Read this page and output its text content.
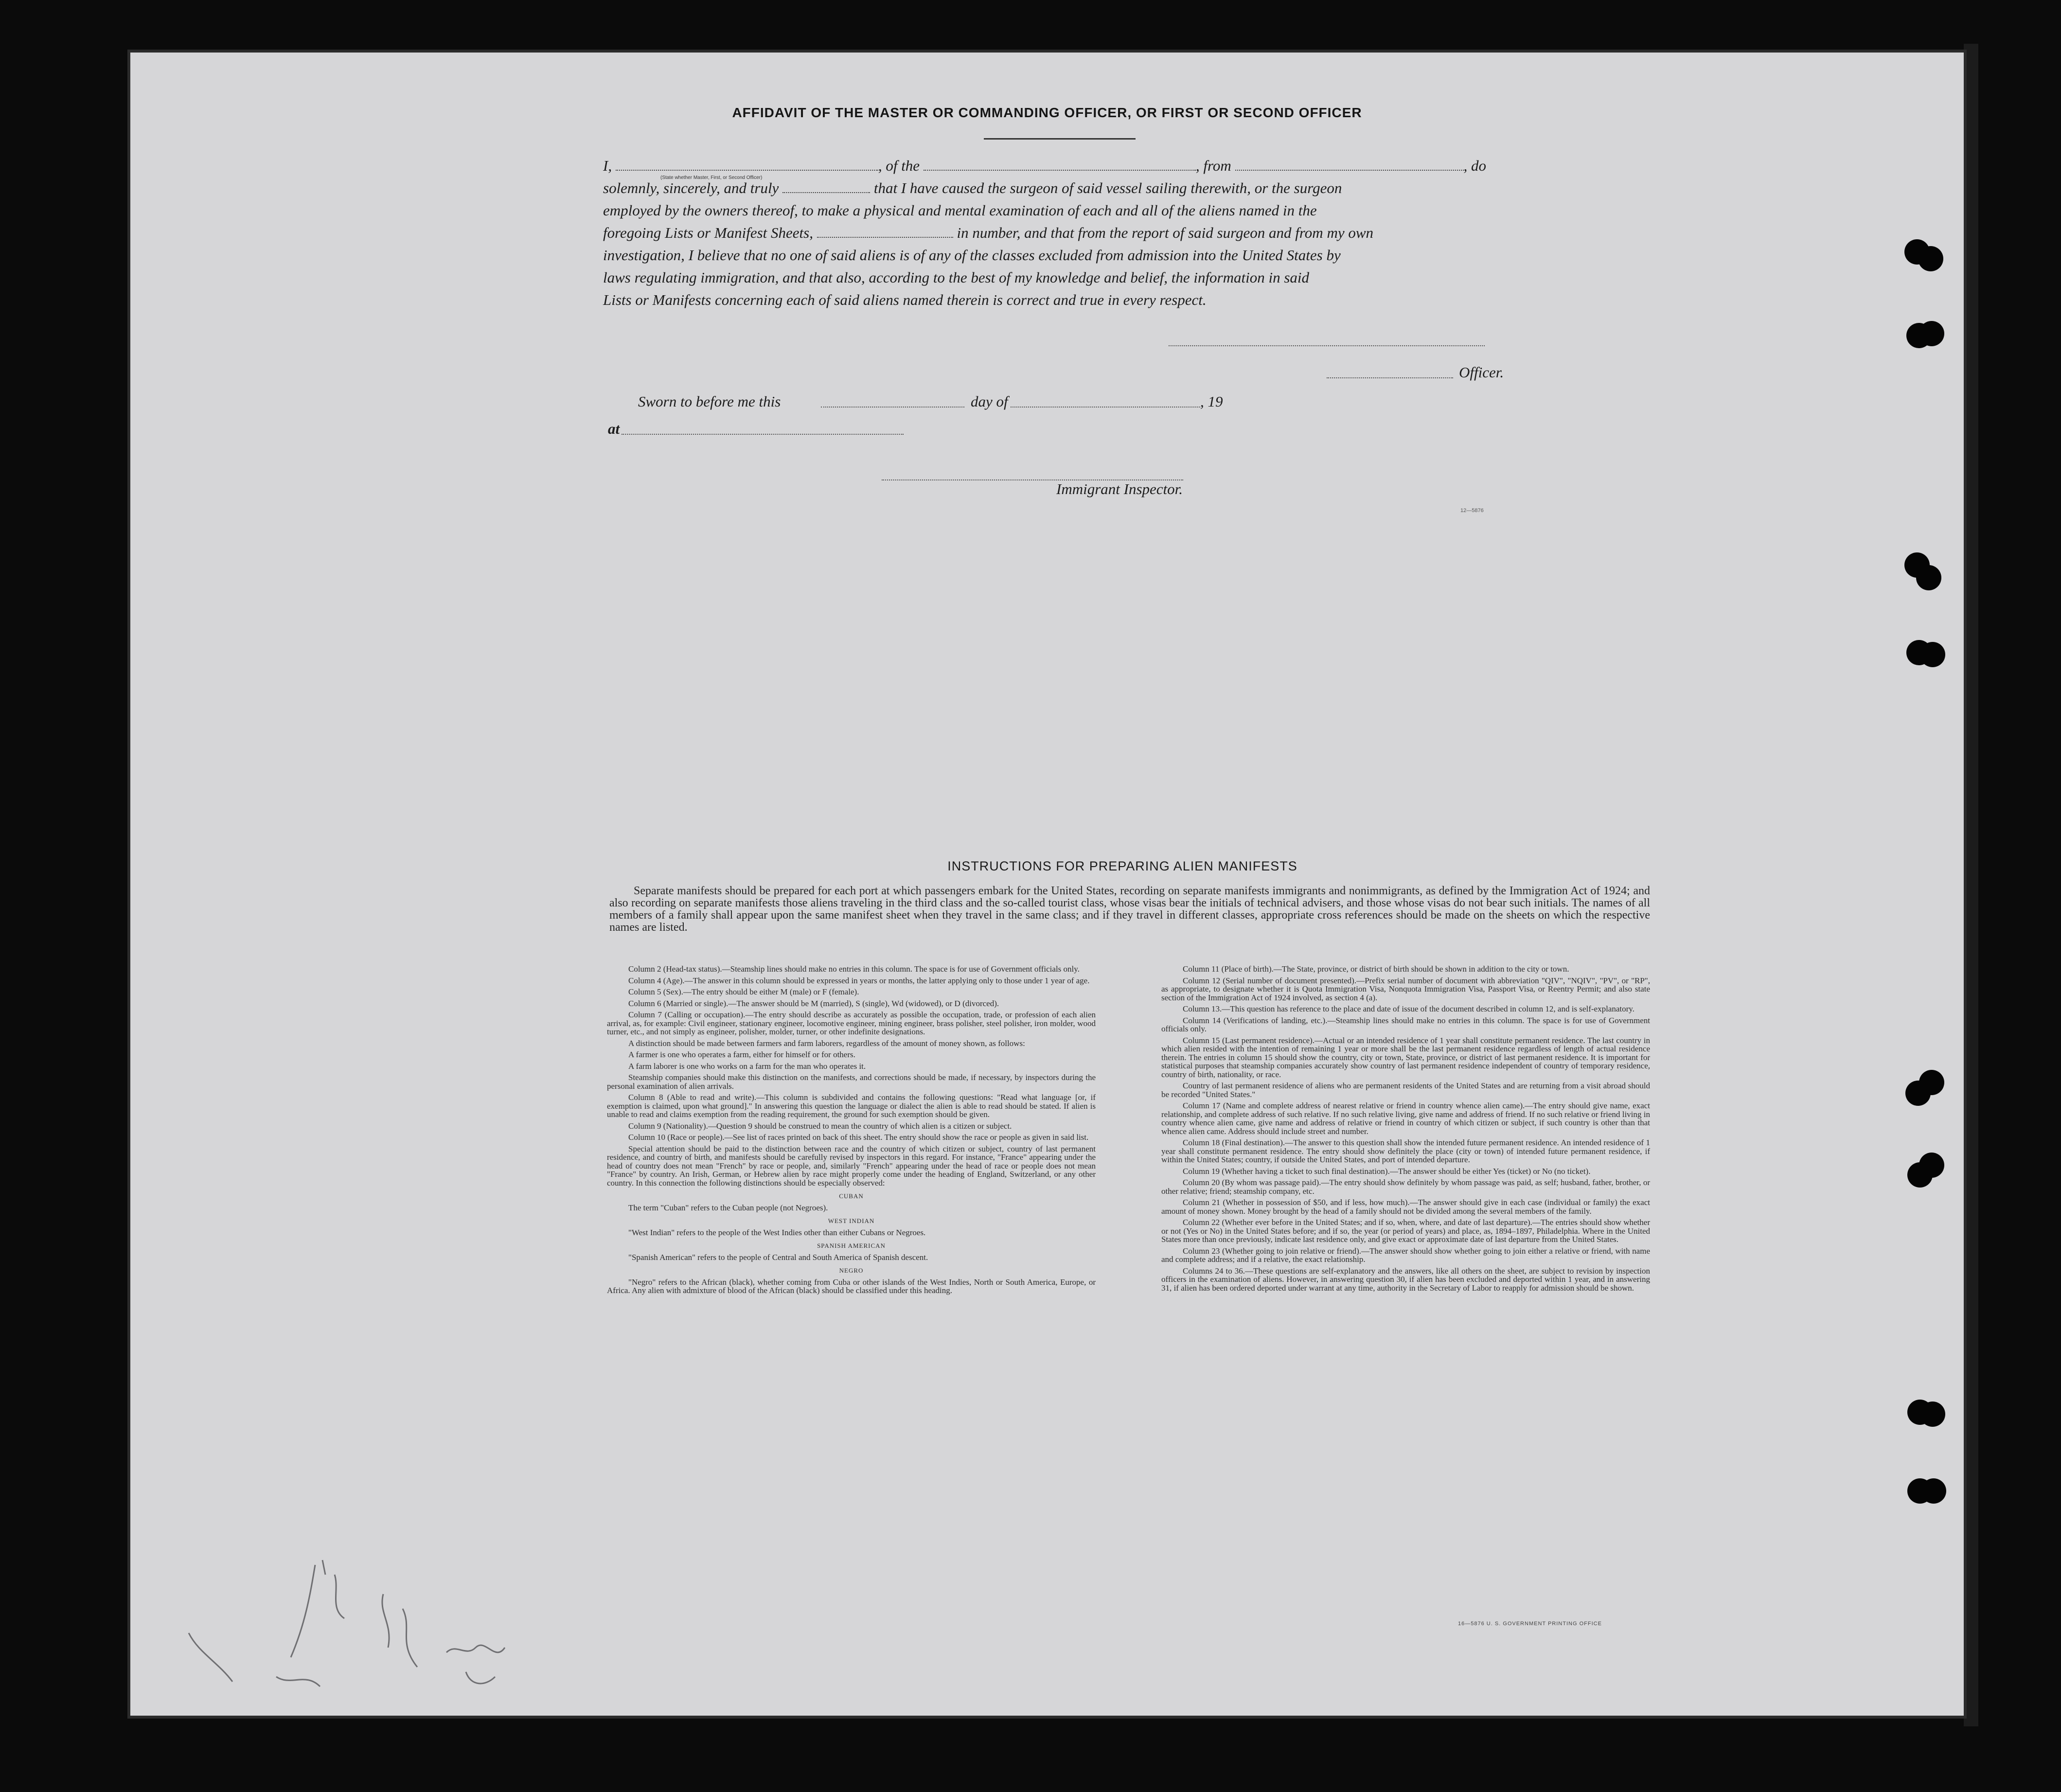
AFFIDAVIT OF THE MASTER OR COMMANDING OFFICER, OR FIRST OR SECOND OFFICER

I,	, of the	, from	, do

solemnly, sincerely, and truly	that I have caused the surgeon of said vessel sailing therewith, or the surgeon

employed by the owners thereof, to make a physical and mental examination of each and all of the aliens named in the

foregoing Lists or Manifest Sheets,	in number, and that from the report of said surgeon and from my own

investigation, I believe that no one of said aliens is of any of the classes excluded from admission into the United States by

laws regulating immigration, and that also, according to the best of my knowledge and belief, the information in said

Lists or Manifests concerning each of said aliens named therein is correct and true in every respect.

(State whether Master, First, or Second Officer)
Officer.
Sworn to before me this	day of	, 19
at
Immigrant Inspector.
12—5876
INSTRUCTIONS FOR PREPARING ALIEN MANIFESTS
Separate manifests should be prepared for each port at which passengers embark for the United States, recording on separate manifests immigrants and nonimmigrants, as defined by the Immigration Act of 1924; and also recording on separate manifests those aliens traveling in the third class and the so-called tourist class, whose visas bear the initials of technical advisers, and those whose visas do not bear such initials. The names of all members of a family shall appear upon the same manifest sheet when they travel in the same class; and if they travel in different classes, appropriate cross references should be made on the sheets on which the respective names are listed.

Column 2 (Head-tax status).—Steamship lines should make no entries in this column. The space is for use of Government officials only.

Column 4 (Age).—The answer in this column should be expressed in years or months, the latter applying only to those under 1 year of age.

Column 5 (Sex).—The entry should be either M (male) or F (female).

Column 6 (Married or single).—The answer should be M (married), S (single), Wd (widowed), or D (divorced).

Column 7 (Calling or occupation).—The entry should describe as accurately as possible the occupation, trade, or profession of each alien arrival, as, for example: Civil engineer, stationary engineer, locomotive engineer, mining engineer, brass polisher, steel polisher, iron molder, wood turner, etc., and not simply as engineer, polisher, molder, turner, or other indefinite designations.

A distinction should be made between farmers and farm laborers, regardless of the amount of money shown, as follows:

A farmer is one who operates a farm, either for himself or for others.

A farm laborer is one who works on a farm for the man who operates it.

Steamship companies should make this distinction on the manifests, and corrections should be made, if necessary, by inspectors during the personal examination of alien arrivals.

Column 8 (Able to read and write).—This column is subdivided and contains the following questions: "Read what language [or, if exemption is claimed, upon what ground]." In answering this question the language or dialect the alien is able to read should be stated. If alien is unable to read and claims exemption from the reading requirement, the ground for such exemption should be given.

Column 9 (Nationality).—Question 9 should be construed to mean the country of which alien is a citizen or subject.

Column 10 (Race or people).—See list of races printed on back of this sheet. The entry should show the race or people as given in said list.

Special attention should be paid to the distinction between race and the country of which citizen or subject, country of last permanent residence, and country of birth, and manifests should be carefully revised by inspectors in this regard. For instance, "France" appearing under the head of country does not mean "French" by race or people, and, similarly "French" appearing under the head of race or people does not mean "France" by country. An Irish, German, or Hebrew alien by race might properly come under the heading of England, Switzerland, or any other country. In this connection the following distinctions should be especially observed:

CUBAN

The term "Cuban" refers to the Cuban people (not Negroes).

WEST INDIAN

"West Indian" refers to the people of the West Indies other than either Cubans or Negroes.

SPANISH AMERICAN

"Spanish American" refers to the people of Central and South America of Spanish descent.

NEGRO

"Negro" refers to the African (black), whether coming from Cuba or other islands of the West Indies, North or South America, Europe, or Africa. Any alien with admixture of blood of the African (black) should be classified under this heading.

Column 11 (Place of birth).—The State, province, or district of birth should be shown in addition to the city or town.

Column 12 (Serial number of document presented).—Prefix serial number of document with abbreviation "QIV", "NQIV", "PV", or "RP", as appropriate, to designate whether it is Quota Immigration Visa, Nonquota Immigration Visa, Passport Visa, or Reentry Permit; and also state section of the Immigration Act of 1924 involved, as section 4 (a).

Column 13.—This question has reference to the place and date of issue of the document described in column 12, and is self-explanatory.

Column 14 (Verifications of landing, etc.).—Steamship lines should make no entries in this column. The space is for use of Government officials only.

Column 15 (Last permanent residence).—Actual or an intended residence of 1 year shall constitute permanent residence. The last country in which alien resided with the intention of remaining 1 year or more shall be the last permanent residence regardless of length of actual residence therein. The entries in column 15 should show the country, city or town, State, province, or district of last permanent residence. It is important for statistical purposes that steamship companies accurately show country of last permanent residence independent of country of temporary residence, country of birth, nationality, or race.

Country of last permanent residence of aliens who are permanent residents of the United States and are returning from a visit abroad should be recorded "United States."

Column 17 (Name and complete address of nearest relative or friend in country whence alien came).—The entry should give name, exact relationship, and complete address of such relative. If no such relative living, give name and address of friend. If no such relative or friend living in country whence alien came, give name and address of relative or friend in country of which citizen or subject, if such country is other than that whence alien came. Address should include street and number.

Column 18 (Final destination).—The answer to this question shall show the intended future permanent residence. An intended residence of 1 year shall constitute permanent residence. The entry should show definitely the place (city or town) of intended future permanent residence, if within the United States; country, if outside the United States, and port of intended departure.

Column 19 (Whether having a ticket to such final destination).—The answer should be either Yes (ticket) or No (no ticket).

Column 20 (By whom was passage paid).—The entry should show definitely by whom passage was paid, as self; husband, father, brother, or other relative; friend; steamship company, etc.

Column 21 (Whether in possession of $50, and if less, how much).—The answer should give in each case (individual or family) the exact amount of money shown. Money brought by the head of a family should not be divided among the several members of the family.

Column 22 (Whether ever before in the United States; and if so, when, where, and date of last departure).—The entries should show whether or not (Yes or No) in the United States before; and if so, the year (or period of years) and place, as, 1894–1897, Philadelphia. Where in the United States more than once previously, indicate last residence only, and give exact or approximate date of last departure from the United States.

Column 23 (Whether going to join relative or friend).—The answer should show whether going to join either a relative or friend, with name and complete address; and if a relative, the exact relationship.

Columns 24 to 36.—These questions are self-explanatory and the answers, like all others on the sheet, are subject to revision by inspection officers in the examination of aliens. However, in answering question 30, if alien has been excluded and deported within 1 year, and in answering 31, if alien has been ordered deported under warrant at any time, authority in the Secretary of Labor to reapply for admission should be shown.

16—5876 U. S. GOVERNMENT PRINTING OFFICE
